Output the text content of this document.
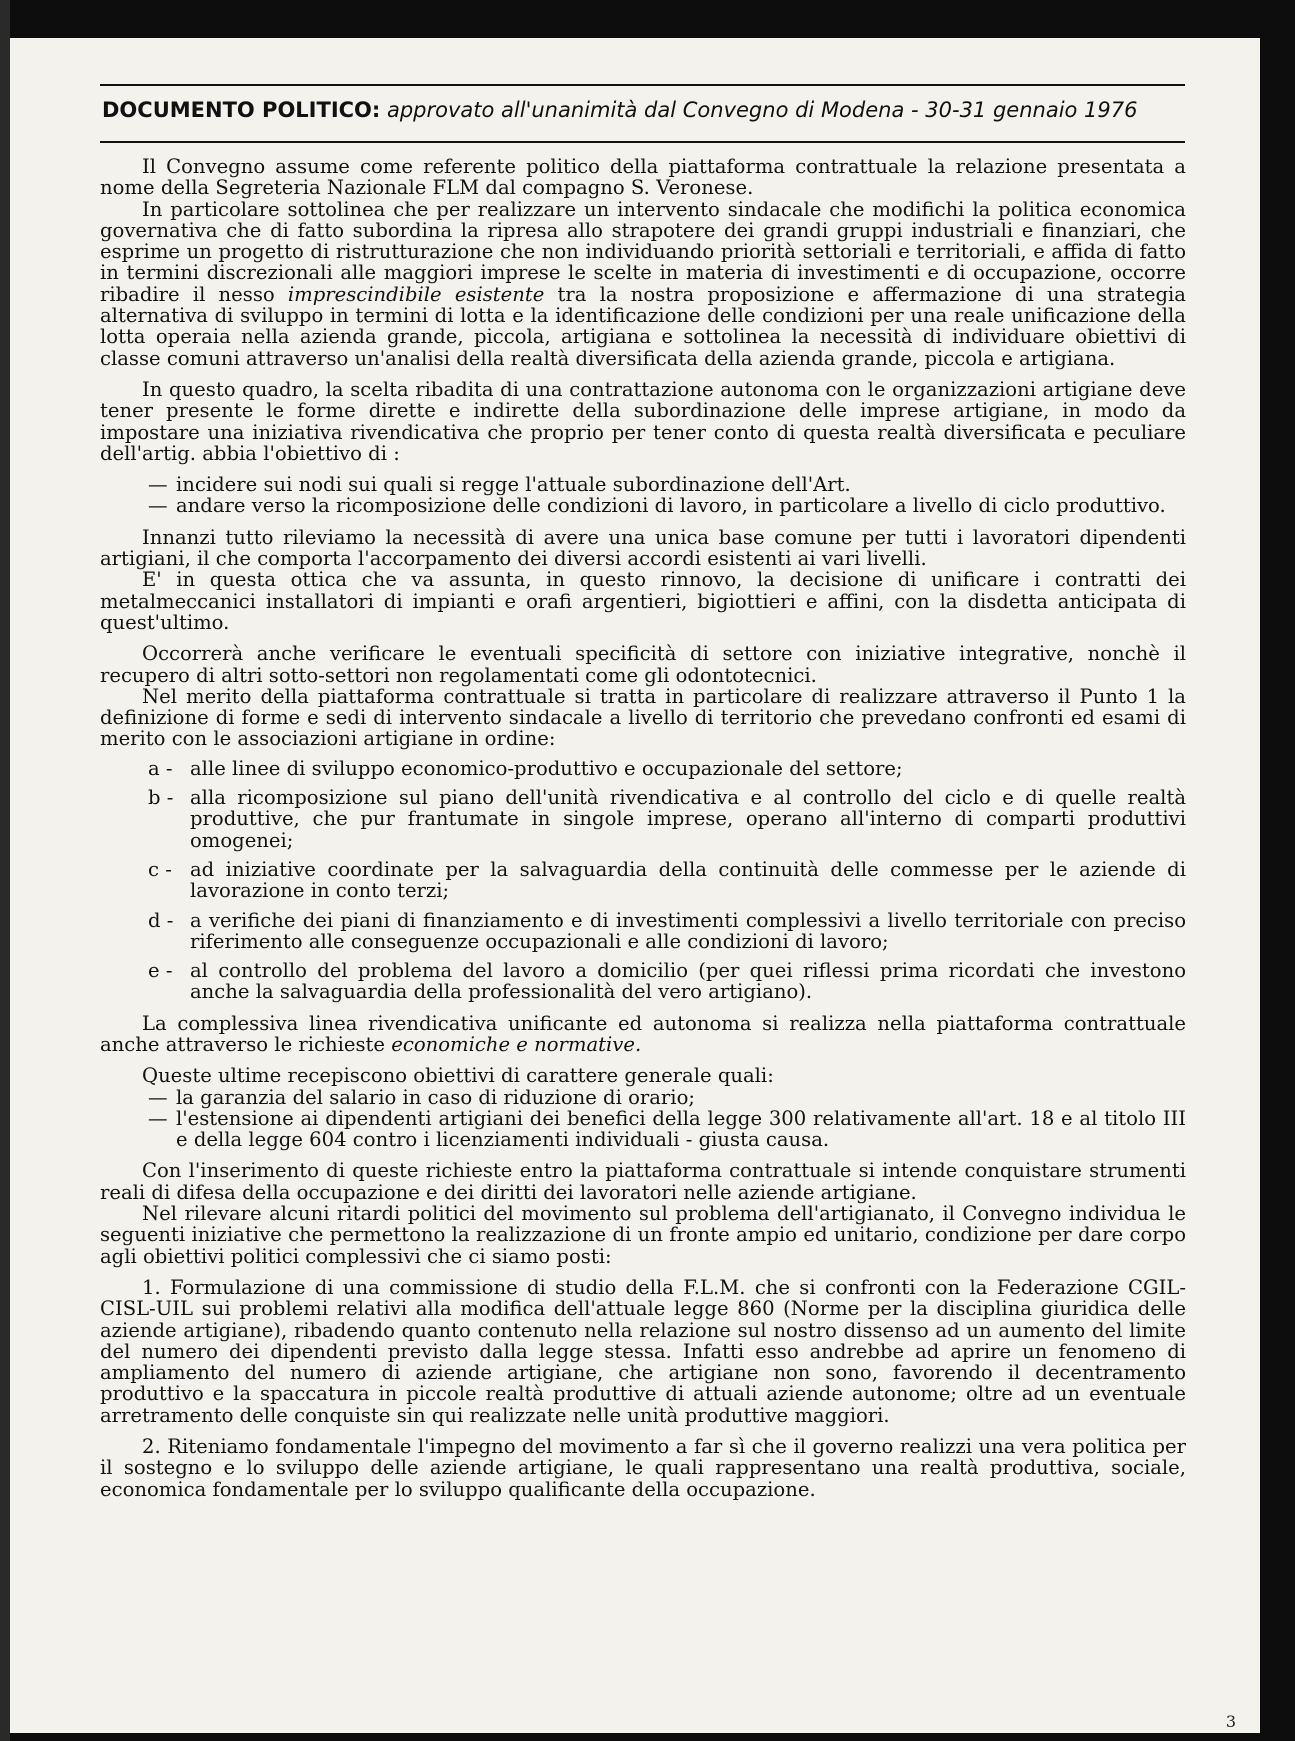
DOCUMENTO POLITICO: approvato all'unanimità dal Convegno di Modena - 30-31 gennaio 1976

Il Convegno assume come referente politico della piattaforma contrattuale la relazione presentata a nome della Segreteria Nazionale FLM dal compagno S. Veronese.

In particolare sottolinea che per realizzare un intervento sindacale che modifichi la politica economica governativa che di fatto subordina la ripresa allo strapotere dei grandi gruppi industriali e finanziari, che esprime un progetto di ristrutturazione che non individuando priorità settoriali e territoriali, e affida di fatto in termini discrezionali alle maggiori imprese le scelte in materia di investimenti e di occupazione, occorre ribadire il nesso imprescindibile esistente tra la nostra proposizione e affermazione di una strategia alternativa di sviluppo in termini di lotta e la identificazione delle condizioni per una reale unificazione della lotta operaia nella azienda grande, piccola, artigiana e sottolinea la necessità di individuare obiettivi di classe comuni attraverso un'analisi della realtà diversificata della azienda grande, piccola e artigiana.

In questo quadro, la scelta ribadita di una contrattazione autonoma con le organizzazioni artigiane deve tener presente le forme dirette e indirette della subordinazione delle imprese artigiane, in modo da impostare una iniziativa rivendicativa che proprio per tener conto di questa realtà diversificata e peculiare dell'artig. abbia l'obiettivo di :

— incidere sui nodi sui quali si regge l'attuale subordinazione dell'Art.
— andare verso la ricomposizione delle condizioni di lavoro, in particolare a livello di ciclo produttivo.

Innanzi tutto rileviamo la necessità di avere una unica base comune per tutti i lavoratori dipendenti artigiani, il che comporta l'accorpamento dei diversi accordi esistenti ai vari livelli.

E' in questa ottica che va assunta, in questo rinnovo, la decisione di unificare i contratti dei metalmeccanici installatori di impianti e orafi argentieri, bigiottieri e affini, con la disdetta anticipata di quest'ultimo.

Occorrerà anche verificare le eventuali specificità di settore con iniziative integrative, nonchè il recupero di altri sotto-settori non regolamentati come gli odontotecnici.

Nel merito della piattaforma contrattuale si tratta in particolare di realizzare attraverso il Punto 1 la definizione di forme e sedi di intervento sindacale a livello di territorio che prevedano confronti ed esami di merito con le associazioni artigiane in ordine:

a - alle linee di sviluppo economico-produttivo e occupazionale del settore;
b - alla ricomposizione sul piano dell'unità rivendicativa e al controllo del ciclo e di quelle realtà produttive, che pur frantumate in singole imprese, operano all'interno di comparti produttivi omogenei;
c - ad iniziative coordinate per la salvaguardia della continuità delle commesse per le aziende di lavorazione in conto terzi;
d - a verifiche dei piani di finanziamento e di investimenti complessivi a livello territoriale con preciso riferimento alle conseguenze occupazionali e alle condizioni di lavoro;
e - al controllo del problema del lavoro a domicilio (per quei riflessi prima ricordati che investono anche la salvaguardia della professionalità del vero artigiano).

La complessiva linea rivendicativa unificante ed autonoma si realizza nella piattaforma contrattuale anche attraverso le richieste economiche e normative.

Queste ultime recepiscono obiettivi di carattere generale quali:

— la garanzia del salario in caso di riduzione di orario;
— l'estensione ai dipendenti artigiani dei benefici della legge 300 relativamente all'art. 18 e al titolo III e della legge 604 contro i licenziamenti individuali - giusta causa.

Con l'inserimento di queste richieste entro la piattaforma contrattuale si intende conquistare strumenti reali di difesa della occupazione e dei diritti dei lavoratori nelle aziende artigiane.

Nel rilevare alcuni ritardi politici del movimento sul problema dell'artigianato, il Convegno individua le seguenti iniziative che permettono la realizzazione di un fronte ampio ed unitario, condizione per dare corpo agli obiettivi politici complessivi che ci siamo posti:

1. Formulazione di una commissione di studio della F.L.M. che si confronti con la Federazione CGIL-CISL-UIL sui problemi relativi alla modifica dell'attuale legge 860 (Norme per la disciplina giuridica delle aziende artigiane), ribadendo quanto contenuto nella relazione sul nostro dissenso ad un aumento del limite del numero dei dipendenti previsto dalla legge stessa. Infatti esso andrebbe ad aprire un fenomeno di ampliamento del numero di aziende artigiane, che artigiane non sono, favorendo il decentramento produttivo e la spaccatura in piccole realtà produttive di attuali aziende autonome; oltre ad un eventuale arretramento delle conquiste sin qui realizzate nelle unità produttive maggiori.

2. Riteniamo fondamentale l'impegno del movimento a far sì che il governo realizzi una vera politica per il sostegno e lo sviluppo delle aziende artigiane, le quali rappresentano una realtà produttiva, sociale, economica fondamentale per lo sviluppo qualificante della occupazione.

3
